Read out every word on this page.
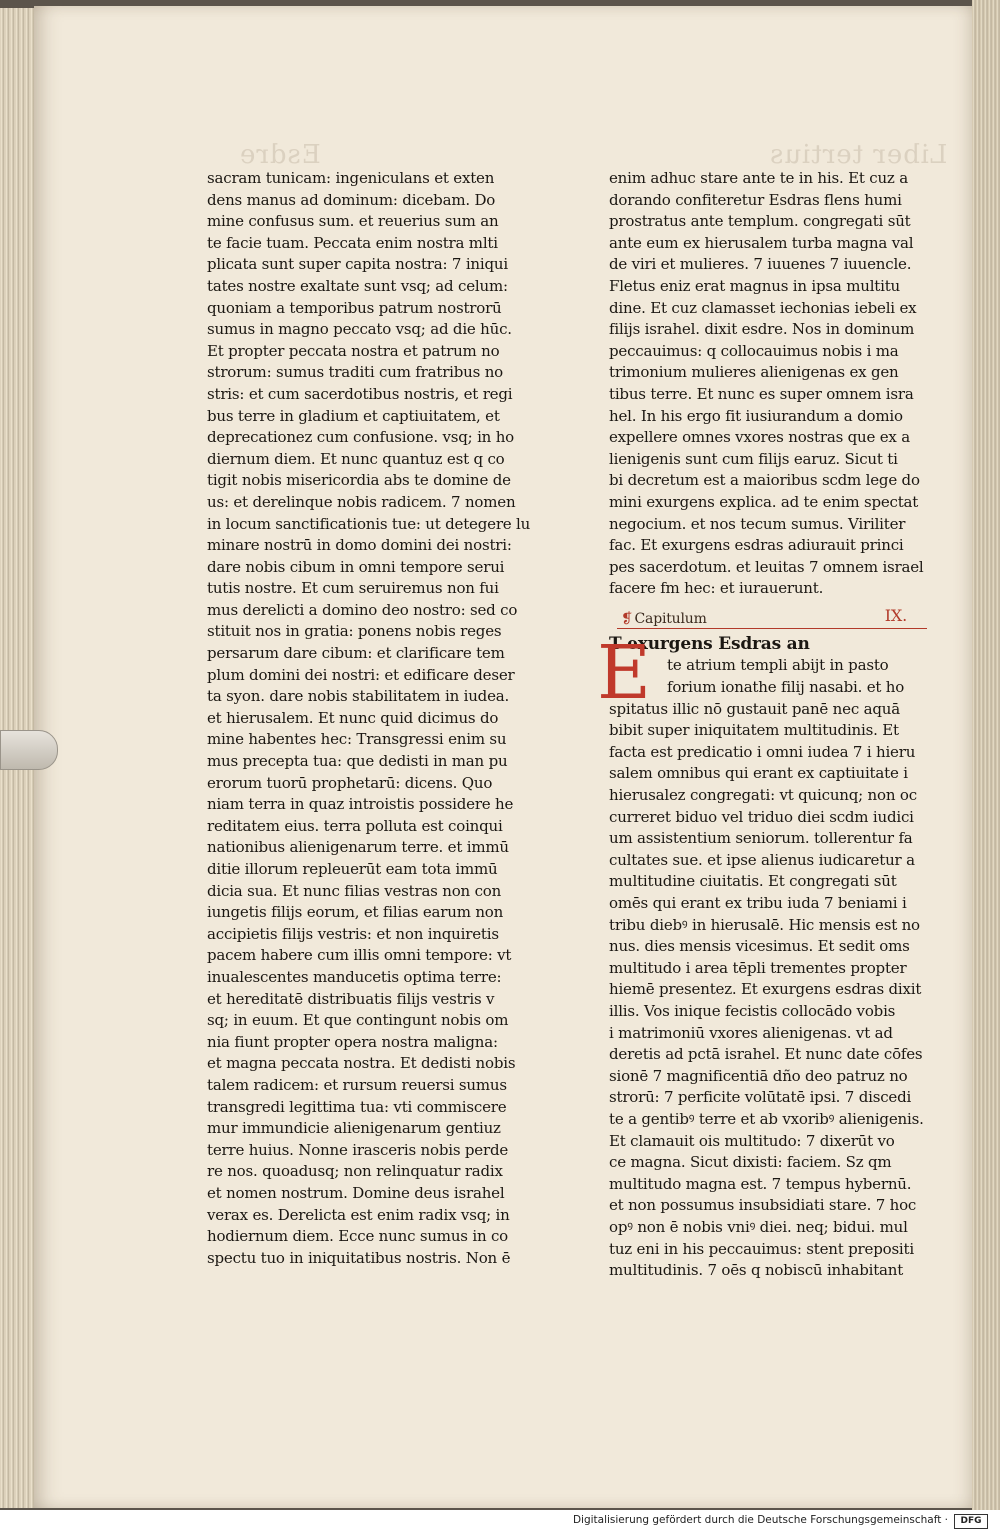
Esdre	Liber tertius

sacram tunicam: ingeniculans et exten

dens manus ad dominum: dicebam. Do

mine confusus sum. et reuerius sum an

te facie tuam. Peccata enim nostra mlti

plicata sunt super capita nostra: 7 iniqui

tates nostre exaltate sunt vsq; ad celum:

quoniam a temporibus patrum nostrorū

sumus in magno peccato vsq; ad die hūc.

Et propter peccata nostra et patrum no

strorum: sumus traditi cum fratribus no

stris: et cum sacerdotibus nostris, et regi

bus terre in gladium et captiuitatem, et

deprecationez cum confusione. vsq; in ho

diernum diem. Et nunc quantuz est q co

tigit nobis misericordia abs te domine de

us: et derelinque nobis radicem. 7 nomen

in locum sanctificationis tue: ut detegere lu

minare nostrū in domo domini dei nostri:

dare nobis cibum in omni tempore serui

tutis nostre. Et cum seruiremus non fui

mus derelicti a domino deo nostro: sed co

stituit nos in gratia: ponens nobis reges

persarum dare cibum: et clarificare tem

plum domini dei nostri: et edificare deser

ta syon. dare nobis stabilitatem in iudea.

et hierusalem. Et nunc quid dicimus do

mine habentes hec: Transgressi enim su

mus precepta tua: que dedisti in man pu

erorum tuorū prophetarū: dicens. Quo

niam terra in quaz introistis possidere he

reditatem eius. terra polluta est coinqui

nationibus alienigenarum terre. et immū

ditie illorum repleuerūt eam tota immū

dicia sua. Et nunc filias vestras non con

iungetis filijs eorum, et filias earum non

accipietis filijs vestris: et non inquiretis

pacem habere cum illis omni tempore: vt

inualescentes manducetis optima terre:

et hereditatē distribuatis filijs vestris v

sq; in euum. Et que contingunt nobis om

nia fiunt propter opera nostra maligna:

et magna peccata nostra. Et dedisti nobis

talem radicem: et rursum reuersi sumus

transgredi legittima tua: vti commiscere

mur immundicie alienigenarum gentiuz

terre huius. Nonne irasceris nobis perde

re nos. quoadusq; non relinquatur radix

et nomen nostrum. Domine deus israhel

verax es. Derelicta est enim radix vsq; in

hodiernum diem. Ecce nunc sumus in co

spectu tuo in iniquitatibus nostris. Non ē

enim adhuc stare ante te in his. Et cuz a

dorando confiteretur Esdras flens humi

prostratus ante templum. congregati sūt

ante eum ex hierusalem turba magna val

de viri et mulieres. 7 iuuenes 7 iuuencle.

Fletus eniz erat magnus in ipsa multitu

dine. Et cuz clamasset iechonias iebeli ex

filijs israhel. dixit esdre. Nos in dominum

peccauimus: q collocauimus nobis i ma

trimonium mulieres alienigenas ex gen

tibus terre. Et nunc es super omnem isra

hel. In his ergo fit iusiurandum a domio

expellere omnes vxores nostras que ex a

lienigenis sunt cum filijs earuz. Sicut ti

bi decretum est a maioribus scdm lege do

mini exurgens explica. ad te enim spectat

negocium. et nos tecum sumus. Viriliter

fac. Et exurgens esdras adiurauit princi

pes sacerdotum. et leuitas 7 omnem israel

facere fm hec: et iurauerunt.

❡ Capitulum	IX.
E

T exurgens Esdras an

te atrium templi abijt in pasto

forium ionathe filij nasabi. et ho

spitatus illic nō gustauit panē nec aquā

bibit super iniquitatem multitudinis. Et

facta est predicatio i omni iudea 7 i hieru

salem omnibus qui erant ex captiuitate i

hierusalez congregati: vt quicunq; non oc

curreret biduo vel triduo diei scdm iudici

um assistentium seniorum. tollerentur fa

cultates sue. et ipse alienus iudicaretur a

multitudine ciuitatis. Et congregati sūt

omēs qui erant ex tribu iuda 7 beniami i

tribu diebꝰ in hierusalē. Hic mensis est no

nus. dies mensis vicesimus. Et sedit oms

multitudo i area tēpli trementes propter

hiemē presentez. Et exurgens esdras dixit

illis. Vos inique fecistis collocādo vobis

i matrimoniū vxores alienigenas. vt ad

deretis ad pctā israhel. Et nunc date cōfes

sionē 7 magnificentiā dño deo patruz no

strorū: 7 perficite volūtatē ipsi. 7 discedi

te a gentibꝰ terre et ab vxoribꝰ alienigenis.

Et clamauit ois multitudo: 7 dixerūt vo

ce magna. Sicut dixisti: faciem. Sz qm

multitudo magna est. 7 tempus hybernū.

et non possumus insubsidiati stare. 7 hoc

opꝰ non ē nobis vniꝰ diei. neq; bidui. mul

tuz eni in his peccauimus: stent prepositi

multitudinis. 7 oēs q nobiscū inhabitant

Digitalisierung gefördert durch die Deutsche Forschungsgemeinschaft ·	DFG
